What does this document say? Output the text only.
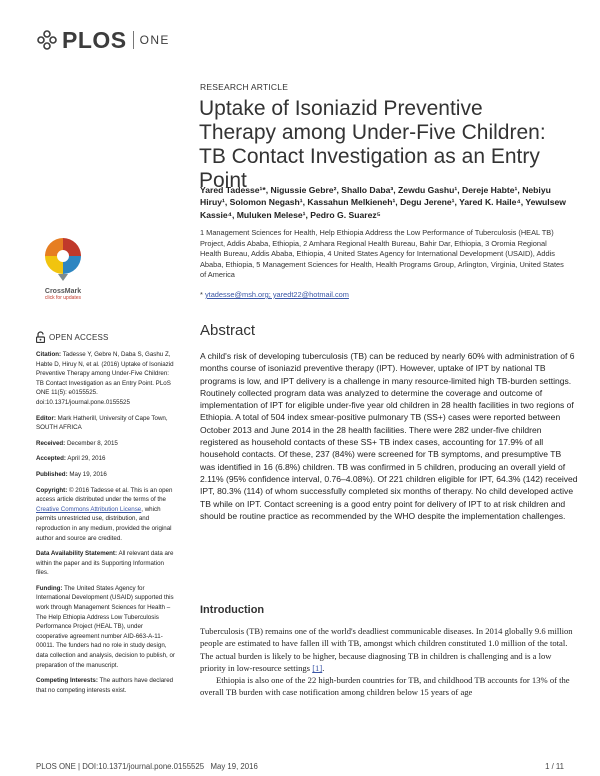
PLOS ONE
RESEARCH ARTICLE
Uptake of Isoniazid Preventive Therapy among Under-Five Children: TB Contact Investigation as an Entry Point
Yared Tadesse¹*, Nigussie Gebre², Shallo Daba³, Zewdu Gashu¹, Dereje Habte¹, Nebiyu Hiruy¹, Solomon Negash¹, Kassahun Melkieneh¹, Degu Jerene¹, Yared K. Haile⁴, Yewulsew Kassie⁴, Muluken Melese¹, Pedro G. Suarez⁵
1 Management Sciences for Health, Help Ethiopia Address the Low Performance of Tuberculosis (HEAL TB) Project, Addis Ababa, Ethiopia, 2 Amhara Regional Health Bureau, Bahir Dar, Ethiopia, 3 Oromia Regional Health Bureau, Addis Ababa, Ethiopia, 4 United States Agency for International Development (USAID), Addis Ababa, Ethiopia, 5 Management Sciences for Health, Health Programs Group, Arlington, Virginia, United States of America
* ytadesse@msh.org; yaredt22@hotmail.com
Abstract
A child's risk of developing tuberculosis (TB) can be reduced by nearly 60% with administration of 6 months course of isoniazid preventive therapy (IPT). However, uptake of IPT by national TB programs is low, and IPT delivery is a challenge in many resource-limited high TB-burden settings. Routinely collected program data was analyzed to determine the coverage and outcome of implementation of IPT for eligible under-five year old children in 28 health facilities in two regions of Ethiopia. A total of 504 index smear-positive pulmonary TB (SS+) cases were reported between October 2013 and June 2014 in the 28 health facilities. There were 282 under-five children registered as household contacts of these SS+ TB index cases, accounting for 17.9% of all household contacts. Of these, 237 (84%) were screened for TB symptoms, and presumptive TB was identified in 16 (6.8%) children. TB was confirmed in 5 children, producing an overall yield of 2.11% (95% confidence interval, 0.76–4.08%). Of 221 children eligible for IPT, 64.3% (142) received IPT, 80.3% (114) of whom successfully completed six months of therapy. No child developed active TB while on IPT. Contact screening is a good entry point for delivery of IPT to at risk children and should be routine practice as recommended by the WHO despite the implementation challenges.
Introduction

Tuberculosis (TB) remains one of the world's deadliest communicable diseases. In 2014 globally 9.6 million people are estimated to have fallen ill with TB, amongst which children constituted 1.0 million of the total. The actual burden is likely to be higher, because diagnosing TB in children is challenging and is a low priority in low-resource settings [1].

Ethiopia is also one of the 22 high-burden countries for TB, and childhood TB accounts for 13% of the overall TB burden with case notification among children below 15 years of age

CrossMark
click for updates
OPEN ACCESS

Citation: Tadesse Y, Gebre N, Daba S, Gashu Z, Habte D, Hiruy N, et al. (2016) Uptake of Isoniazid Preventive Therapy among Under-Five Children: TB Contact Investigation as an Entry Point. PLoS ONE 11(5): e0155525. doi:10.1371/journal.pone.0155525

Editor: Mark Hatherill, University of Cape Town, SOUTH AFRICA

Received: December 8, 2015

Accepted: April 29, 2016

Published: May 19, 2016

Copyright: © 2016 Tadesse et al. This is an open access article distributed under the terms of the Creative Commons Attribution License, which permits unrestricted use, distribution, and reproduction in any medium, provided the original author and source are credited.

Data Availability Statement: All relevant data are within the paper and its Supporting Information files.

Funding: The United States Agency for International Development (USAID) supported this work through Management Sciences for Health – The Help Ethiopia Address Low Tuberculosis Performance Project (HEAL TB), under cooperative agreement number AID-663-A-11-00011. The funders had no role in study design, data collection and analysis, decision to publish, or preparation of the manuscript.

Competing Interests: The authors have declared that no competing interests exist.

PLOS ONE | DOI:10.1371/journal.pone.0155525   May 19, 2016	1 / 11
